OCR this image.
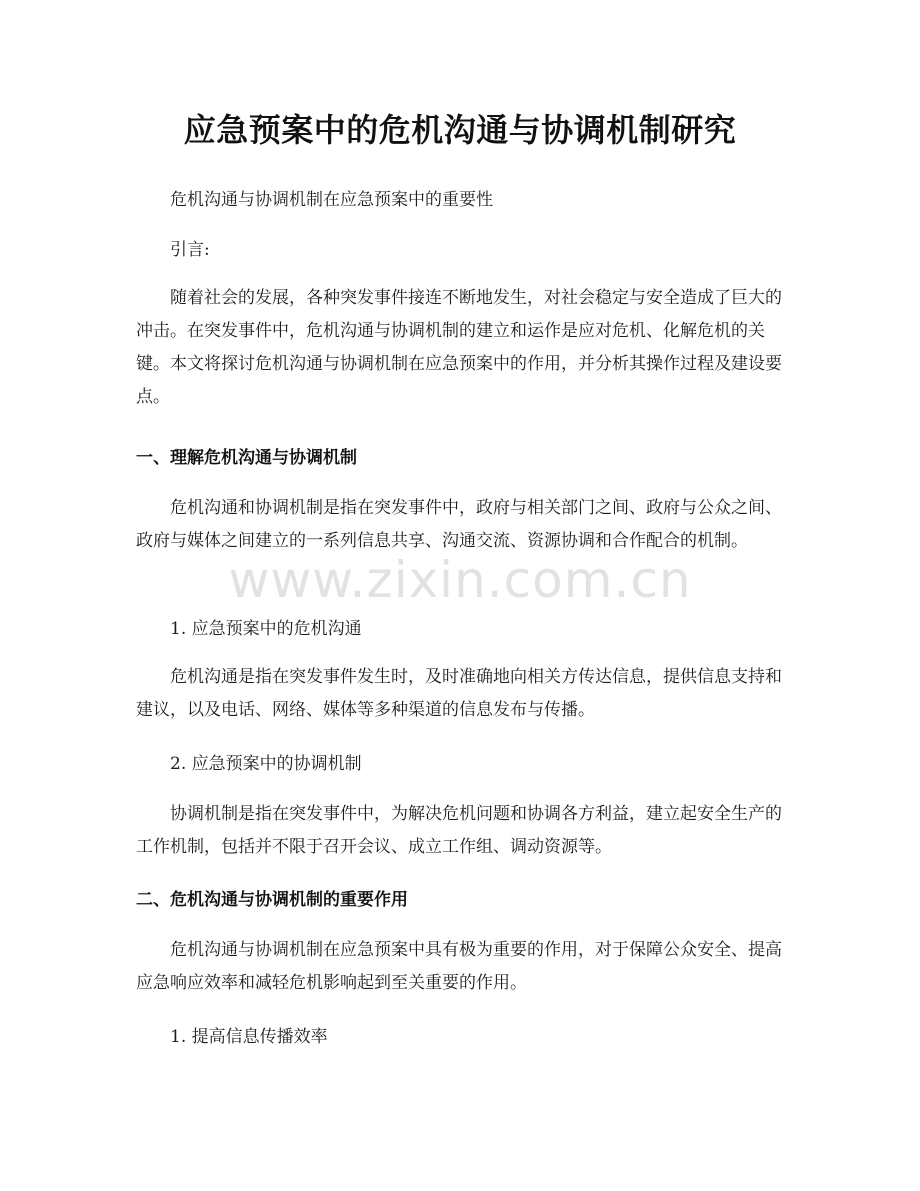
应急预案中的危机沟通与协调机制研究

危机沟通与协调机制在应急预案中的重要性

引言:

随着社会的发展，各种突发事件接连不断地发生，对社会稳定与安全造成了巨大的冲击。在突发事件中，危机沟通与协调机制的建立和运作是应对危机、化解危机的关键。本文将探讨危机沟通与协调机制在应急预案中的作用，并分析其操作过程及建设要点。

一、理解危机沟通与协调机制

危机沟通和协调机制是指在突发事件中，政府与相关部门之间、政府与公众之间、政府与媒体之间建立的一系列信息共享、沟通交流、资源协调和合作配合的机制。

1. 应急预案中的危机沟通

危机沟通是指在突发事件发生时，及时准确地向相关方传达信息，提供信息支持和建议，以及电话、网络、媒体等多种渠道的信息发布与传播。

2. 应急预案中的协调机制

协调机制是指在突发事件中，为解决危机问题和协调各方利益，建立起安全生产的工作机制，包括并不限于召开会议、成立工作组、调动资源等。

二、危机沟通与协调机制的重要作用

危机沟通与协调机制在应急预案中具有极为重要的作用，对于保障公众安全、提高应急响应效率和减轻危机影响起到至关重要的作用。

1. 提高信息传播效率

www.zixin.com.cn
